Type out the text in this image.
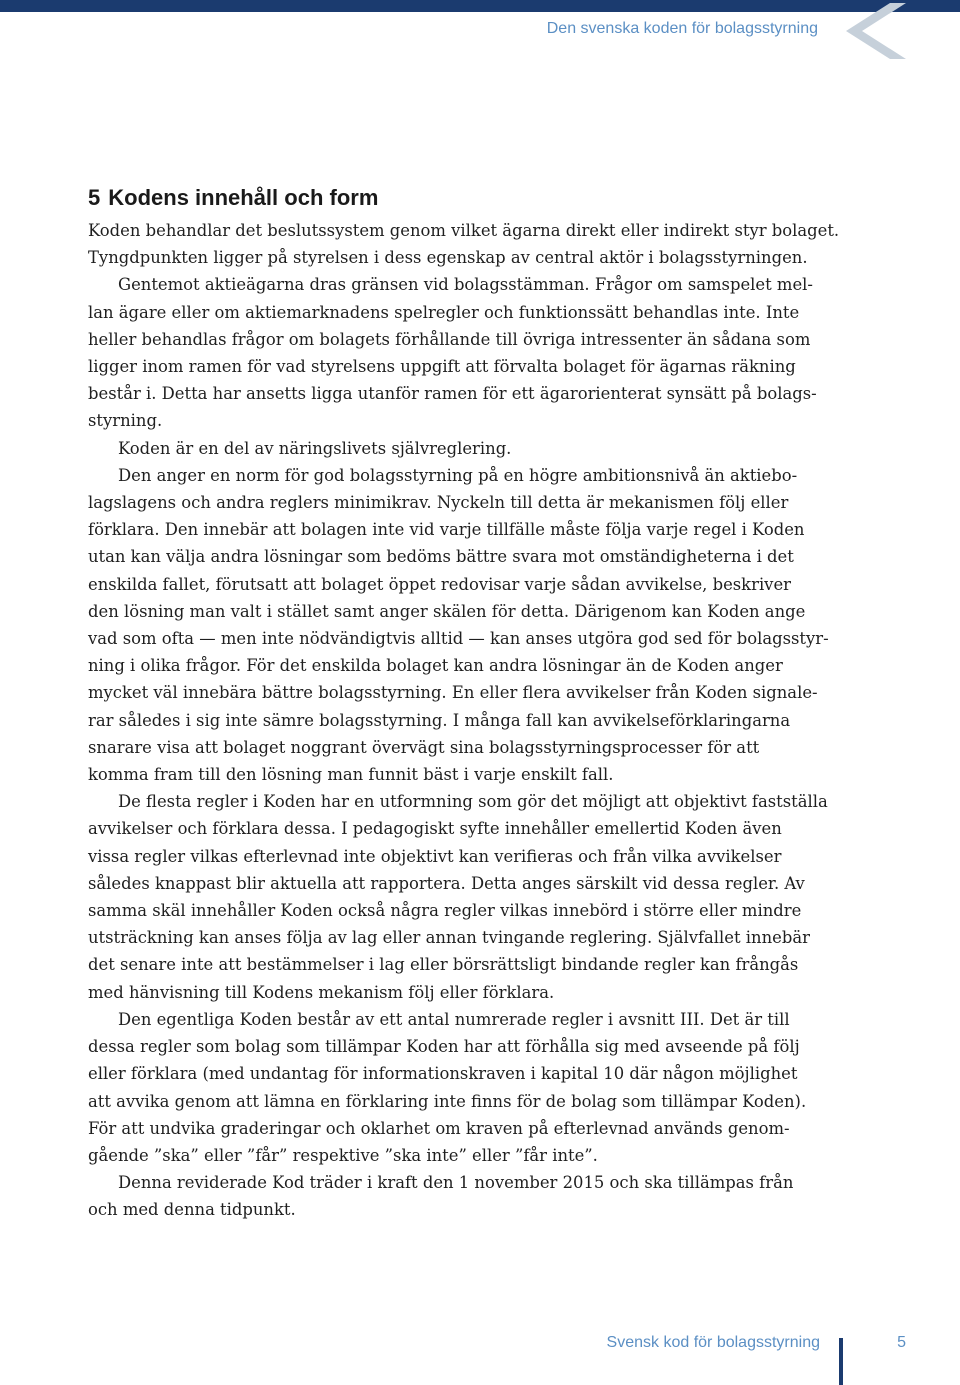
Den svenska koden för bolagsstyrning
5 Kodens innehåll och form
Koden behandlar det beslutssystem genom vilket ägarna direkt eller indirekt styr bolaget.
Tyngdpunkten ligger på styrelsen i dess egenskap av central aktör i bolagsstyrningen.
Gentemot aktieägarna dras gränsen vid bolagsstämman. Frågor om samspelet mel-
lan ägare eller om aktiemarknadens spelregler och funktionssätt behandlas inte. Inte
heller behandlas frågor om bolagets förhållande till övriga intressenter än sådana som
ligger inom ramen för vad styrelsens uppgift att förvalta bolaget för ägarnas räkning
består i. Detta har ansetts ligga utanför ramen för ett ägarorienterat synsätt på bolags-
styrning.
Koden är en del av näringslivets självreglering.
Den anger en norm för god bolagsstyrning på en högre ambitionsnivå än aktiebo-
lagslagens och andra reglers minimikrav. Nyckeln till detta är mekanismen följ eller
förklara. Den innebär att bolagen inte vid varje tillfälle måste följa varje regel i Koden
utan kan välja andra lösningar som bedöms bättre svara mot omständigheterna i det
enskilda fallet, förutsatt att bolaget öppet redovisar varje sådan avvikelse, beskriver
den lösning man valt i stället samt anger skälen för detta. Därigenom kan Koden ange
vad som ofta — men inte nödvändigtvis alltid — kan anses utgöra god sed för bolagsstyr-
ning i olika frågor. För det enskilda bolaget kan andra lösningar än de Koden anger
mycket väl innebära bättre bolagsstyrning. En eller flera avvikelser från Koden signale-
rar således i sig inte sämre bolagsstyrning. I många fall kan avvikelseförklaringarna
snarare visa att bolaget noggrant övervägt sina bolagsstyrningsprocesser för att
komma fram till den lösning man funnit bäst i varje enskilt fall.
De flesta regler i Koden har en utformning som gör det möjligt att objektivt fastställa
avvikelser och förklara dessa. I pedagogiskt syfte innehåller emellertid Koden även
vissa regler vilkas efterlevnad inte objektivt kan verifieras och från vilka avvikelser
således knappast blir aktuella att rapportera. Detta anges särskilt vid dessa regler. Av
samma skäl innehåller Koden också några regler vilkas innebörd i större eller mindre
utsträckning kan anses följa av lag eller annan tvingande reglering. Självfallet innebär
det senare inte att bestämmelser i lag eller börsrättsligt bindande regler kan frångås
med hänvisning till Kodens mekanism följ eller förklara.
Den egentliga Koden består av ett antal numrerade regler i avsnitt III. Det är till
dessa regler som bolag som tillämpar Koden har att förhålla sig med avseende på följ
eller förklara (med undantag för informationskraven i kapital 10 där någon möjlighet
att avvika genom att lämna en förklaring inte finns för de bolag som tillämpar Koden).
För att undvika graderingar och oklarhet om kraven på efterlevnad används genom-
gående ”ska” eller ”får” respektive ”ska inte” eller ”får inte”.
Denna reviderade Kod träder i kraft den 1 november 2015 och ska tillämpas från
och med denna tidpunkt.
Svensk kod för bolagsstyrning	5
